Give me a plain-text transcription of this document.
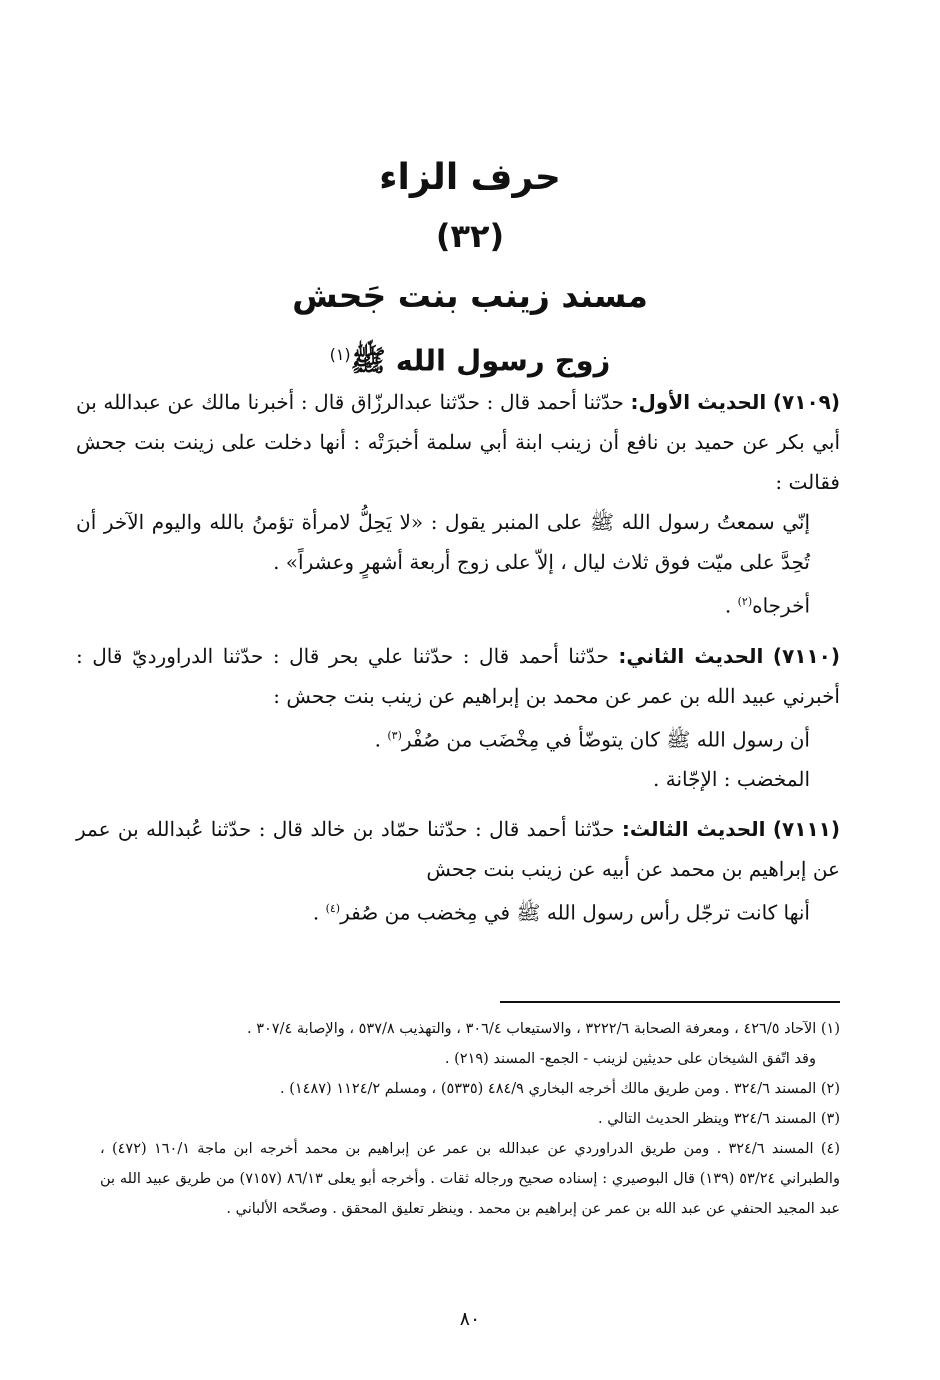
حرف الزاء

(٣٢)

مسند زينب بنت جَحش

زوج رسول الله ﷺ$^{(١)}$

(٧١٠٩) الحديث الأول: حدّثنا أحمد قال : حدّثنا عبدالرزّاق قال : أخبرنا مالك عن عبدالله بن أبي بكر عن حميد بن نافع أن زينب ابنة أبي سلمة أخبرَتْه : أنها دخلت على زينت بنت جحش فقالت :

إنّي سمعتُ رسول الله ﷺ على المنبر يقول : «لا يَحِلُّ لامرأة تؤمنُ بالله واليوم الآخر أن تُحِدَّ على ميّت فوق ثلاث ليال ، إلاّ على زوج أربعة أشهرٍ وعشراً» .

أخرجاه$^{(٢)}$ .

(٧١١٠) الحديث الثاني: حدّثنا أحمد قال : حدّثنا علي بحر قال : حدّثنا الدراورديّ قال : أخبرني عبيد الله بن عمر عن محمد بن إبراهيم عن زينب بنت جحش :

أن رسول الله ﷺ كان يتوضّأ في مِخْضَب من صُفْر$^{(٣)}$ .

المخضب : الإجّانة .

(٧١١١) الحديث الثالث: حدّثنا أحمد قال : حدّثنا حمّاد بن خالد قال : حدّثنا عُبدالله بن عمر عن إبراهيم بن محمد عن أبيه عن زينب بنت جحش

أنها كانت ترجّل رأس رسول الله ﷺ في مِخضب من صُفر$^{(٤)}$ .

(١) الآحاد ٤٢٦/٥ ، ومعرفة الصحابة ٣٢٢٢/٦ ، والاستيعاب ٣٠٦/٤ ، والتهذيب ٥٣٧/٨ ، والإصابة ٣٠٧/٤ .

وقد اتّفق الشيخان على حديثين لزينب - الجمع- المسند (٢١٩) .

(٢) المسند ٣٢٤/٦ . ومن طريق مالك أخرجه البخاري ٤٨٤/٩ (٥٣٣٥) ، ومسلم ١١٢٤/٢ (١٤٨٧) .

(٣) المسند ٣٢٤/٦ وينظر الحديث التالي .

(٤) المسند ٣٢٤/٦ . ومن طريق الدراوردي عن عبدالله بن عمر عن إبراهيم بن محمد أخرجه ابن ماجة ١٦٠/١ (٤٧٢) ، والطبراني ٥٣/٢٤ (١٣٩) قال البوصيري : إسناده صحيح ورجاله ثقات . وأخرجه أبو يعلى ٨٦/١٣ (٧١٥٧) من طريق عبيد الله بن عبد المجيد الحنفي عن عبد الله بن عمر عن إبراهيم بن محمد . وينظر تعليق المحقق . وصحّحه الألباني .

٨٠
